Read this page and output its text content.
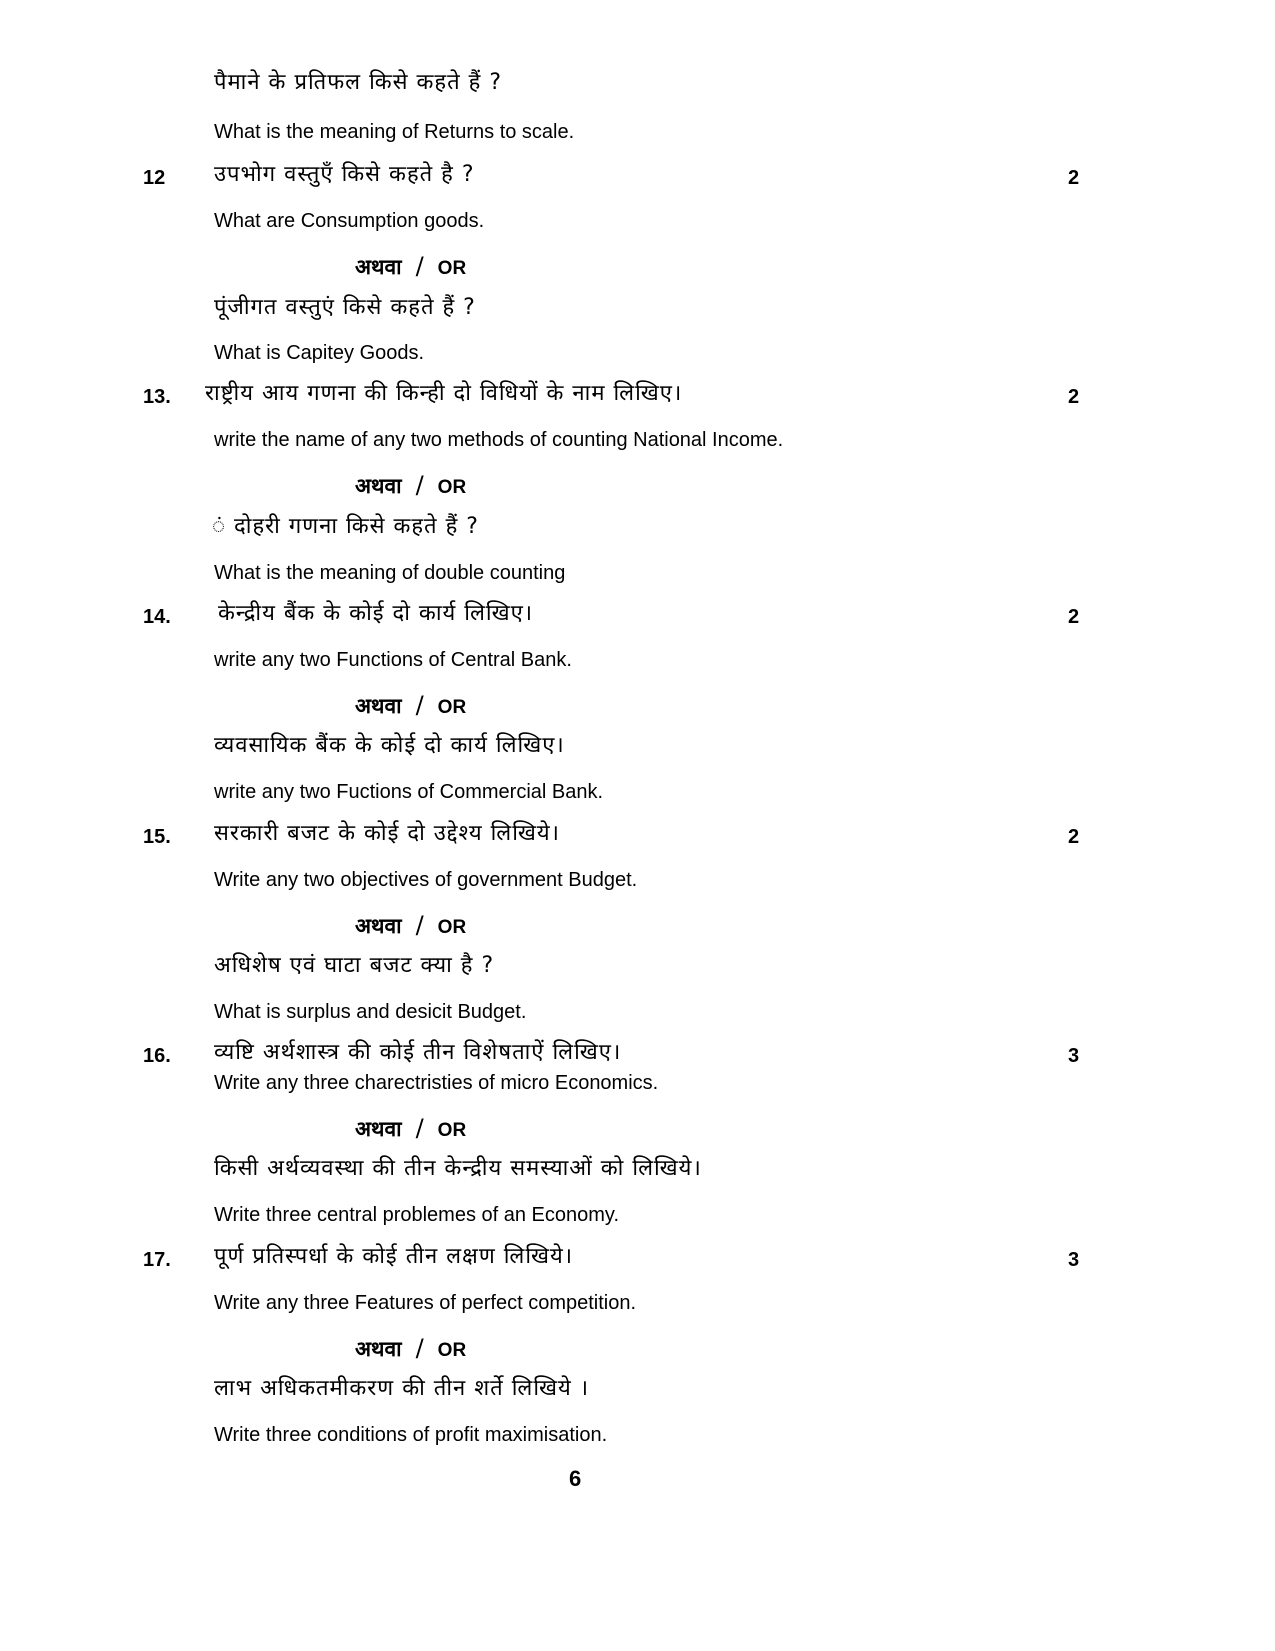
पैमाने के प्रतिफल किसे कहते हैं ?
What is the meaning of Returns to scale.
12 उपभोग वस्तुएँ किसे कहते है ?	2
What are Consumption goods.
अथवा / OR
पूंजीगत वस्तुएं किसे कहते हैं ?
What is Capitey Goods.
13. राष्ट्रीय आय गणना की किन्ही दो विधियों के नाम लिखिए।	2
write the name of any two methods of counting National Income.
अथवा / OR
ं दोहरी गणना किसे कहते हैं ?
What is the meaning of double counting
14. केन्द्रीय बैंक के कोई दो कार्य लिखिए।	2
write any two Functions of Central Bank.
अथवा / OR
व्यवसायिक बैंक के कोई दो कार्य लिखिए।
write any two Fuctions of Commercial Bank.
15. सरकारी बजट के कोई दो उद्देश्य लिखिये।	2
Write any two objectives of government Budget.
अथवा / OR
अधिशेष एवं घाटा बजट क्या है ?
What is surplus and desicit Budget.
16. व्यष्टि अर्थशास्त्र की कोई तीन विशेषताऐं लिखिए।	3
Write any three charectristies of micro Economics.
अथवा / OR
किसी अर्थव्यवस्था की तीन केन्द्रीय समस्याओं को लिखिये।
Write three central problemes of an Economy.
17. पूर्ण प्रतिस्पर्धा के कोई तीन लक्षण लिखिये।	3
Write any three Features of perfect competition.
अथवा / OR
लाभ अधिकतमीकरण की तीन शर्ते लिखिये ।
Write three conditions of profit maximisation.
6
